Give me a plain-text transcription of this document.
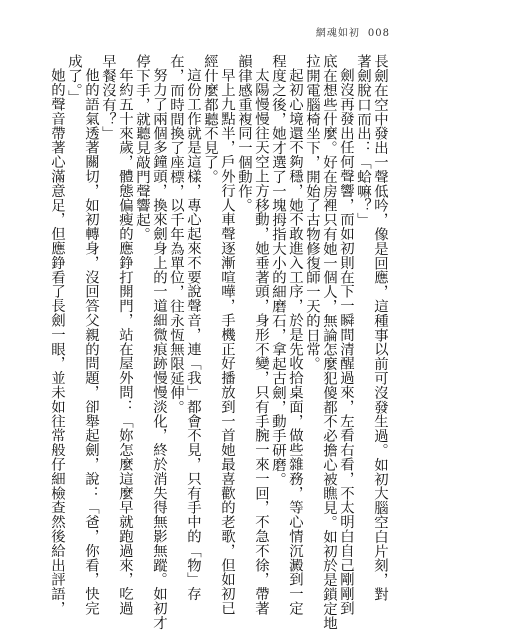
網魂如初 008

長劍在空中發出一聲低吟，像是回應，這種事以前可沒發生過。如初大腦空白片刻，對

著劍脫口而出：「蛤嘛？」

劍沒再發出任何聲響，而如初則在下一瞬間清醒過來，左看右看，不太明白自己剛剛到

底在想些什麼。好在房裡只有她一個人，無論怎麼犯傻都不必擔心被瞧見。如初於是鎖定地

拉開電腦椅坐下，開始了古物修復師一天的日常。

起初心境還不夠穩，她不敢進入工序，於是先收拾桌面，做些雜務，等心情沉澱到一定

程度之後，她才選了一塊拇指大小的細磨石，拿起古劍，動手研磨。

太陽慢慢往天空上方移動，她垂著頭，身形不變，只有手腕一來一回，不急不徐，帶著

韻律感重複同一個動作。

早上九點半，戶外行人車聲逐漸喧嘩，手機正好播放到一首她最喜歡的老歌，但如初已

經什麼都聽不見了。

這份工作就是這樣，專心起來不要說聲音，連「我」都會不見，只有手中的「物」存

在，而時間換了座標，以千年為單位，往永恆無限延伸。

努力了兩個多鐘頭，換來劍身上的一道細微痕跡慢慢淡化，終於消失得無影無蹤。如初才

停下手，就聽見敲門聲響起。

年約五十來歲，體態偏瘦的應錚打開門，站在屋外問：「妳怎麼這麼早就跑過來，吃過

早餐沒有？」

他的語氣透著關切，如初轉身，沒回答父親的問題，卻舉起劍，說：「爸，你看，快完

成了。」

她的聲音帶著心滿意足，但應錚看了長劍一眼，並未如往常般仔細檢查然後給出評語，
